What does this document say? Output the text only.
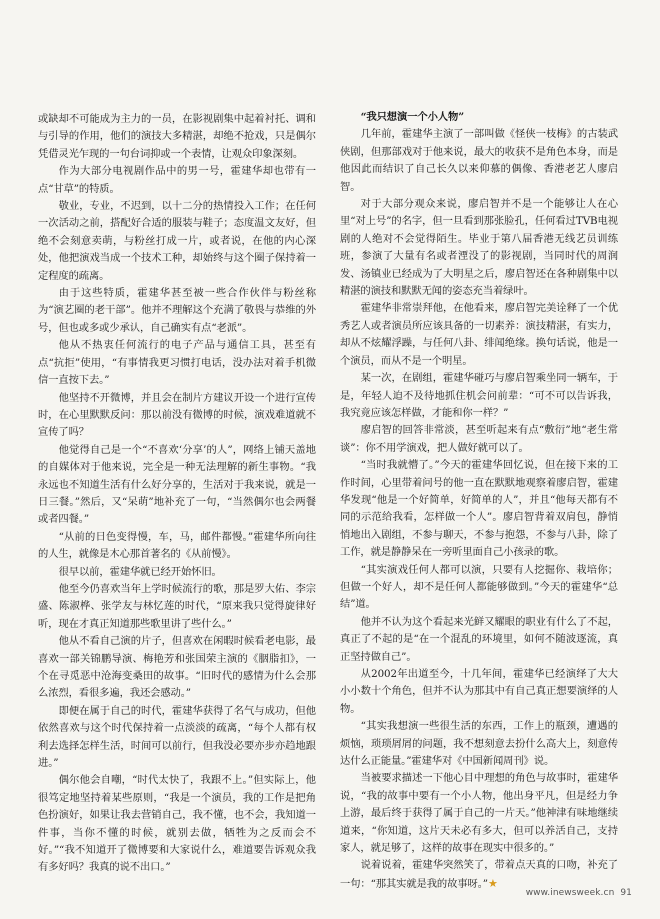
或缺却不可能成为主力的一员，在影视剧集中起着衬托、调和与引导的作用，他们的演技大多精湛，却绝不抢戏，只是偶尔凭借灵光乍现的一句台词抑或一个表情，让观众印象深刻。

作为大部分电视剧作品中的男一号，霍建华却也带有一点“甘草”的特质。

敬业，专业，不迟到，以十二分的热情投入工作；在任何一次活动之前，搭配好合适的服装与鞋子；态度温文友好，但绝不会刻意卖萌，与粉丝打成一片，或者说，在他的内心深处，他把演戏当成一个技术工种，却始终与这个圈子保持着一定程度的疏离。

由于这些特质，霍建华甚至被一些合作伙伴与粉丝称为“演艺圈的老干部”。他并不理解这个充满了敬畏与恭维的外号，但也或多或少承认，自己确实有点“老派”。

他从不热衷任何流行的电子产品与通信工具，甚至有点“抗拒”使用，“有事情我更习惯打电话，没办法对着手机微信一直按下去。”

他坚持不开微博，并且会在制片方建议开设一个进行宣传时，在心里默默反问：那以前没有微博的时候，演戏难道就不宣传了吗？

他觉得自己是一个“不喜欢‘分享’的人”，网络上铺天盖地的自媒体对于他来说，完全是一种无法理解的新生事物。“我永远也不知道生活有什么好分享的，生活对于我来说，就是一日三餐。”然后，又“呆萌”地补充了一句，“当然偶尔也会两餐或者四餐。”

“从前的日色变得慢，车，马，邮件都慢。”霍建华所向往的人生，就像是木心那首著名的《从前慢》。

很早以前，霍建华就已经开始怀旧。

他至今仍喜欢当年上学时候流行的歌，那是罗大佑、李宗盛、陈淑桦、张学友与林忆莲的时代，“原来我只觉得旋律好听，现在才真正知道那些歌里讲了些什么。”

他从不看自己演的片子，但喜欢在闲暇时候看老电影，最喜欢一部关锦鹏导演、梅艳芳和张国荣主演的《胭脂扣》，一个在寻觅恶中沧海变桑田的故事。“旧时代的感情为什么会那么浓烈，看很多遍，我还会感动。”

即便在属于自己的时代，霍建华获得了名气与成功，但他依然喜欢与这个时代保持着一点淡淡的疏离，“每个人都有权利去选择怎样生活，时间可以前行，但我没必要亦步亦趋地跟进。”

偶尔他会自嘲，“时代太快了，我跟不上。”但实际上，他很笃定地坚持着某些原则，“我是一个演员，我的工作是把角色扮演好，如果让我去营销自己，我不懂，也不会，我知道一件事，当你不懂的时候，就别去做，牺牲为之反而会不好。”“我不知道开了微博要和大家说什么，难道要告诉观众我有多好吗？我真的说不出口。”

“我只想演一个小人物”

几年前，霍建华主演了一部叫做《怪侠一枝梅》的古装武侠剧，但那部戏对于他来说，最大的收获不是角色本身，而是他因此而结识了自己长久以来仰慕的偶像、香港老艺人廖启智。

对于大部分观众来说，廖启智并不是一个能够让人在心里“对上号”的名字，但一旦看到那张脸孔，任何看过TVB电视剧的人绝对不会觉得陌生。毕业于第八届香港无线艺员训练班，参演了大量有名或者湮没了的影视剧，当同时代的周润发、汤镇业已经成为了大明星之后，廖启智还在各种剧集中以精湛的演技和默默无闻的姿态充当着绿叶。

霍建华非常崇拜他，在他看来，廖启智完美诠释了一个优秀艺人或者演员所应该具备的一切素养：演技精湛，有实力，却从不炫耀浮躁，与任何八卦、绯闻绝缘。换句话说，他是一个演员，而从不是一个明星。

某一次，在剧组，霍建华碰巧与廖启智乘坐同一辆车，于是，年轻人迫不及待地抓住机会问前辈：“可不可以告诉我，我究竟应该怎样做，才能和你一样？”

廖启智的回答非常淡，甚至听起来有点“敷衍”地“老生常谈”：你不用学演戏，把人做好就可以了。

“当时我就懵了。”今天的霍建华回忆说，但在接下来的工作时间，心里带着问号的他一直在默默地观察着廖启智，霍建华发现“他是一个好简单，好简单的人”，并且“他每天都有不同的示范给我看，怎样做一个人”。廖启智背着双肩包，静悄悄地出入剧组，不参与聊天，不参与抱怨，不参与八卦，除了工作，就是静静呆在一旁听里面自己小孩录的歌。

“其实演戏任何人都可以演，只要有人挖掘你、栽培你；但做一个好人，却不是任何人都能够做到。”今天的霍建华“总结”道。

他并不认为这个看起来光鲜又耀眼的职业有什么了不起，真正了不起的是“在一个混乱的环境里，如何不随波逐流，真正坚持做自己”。

从2002年出道至今，十几年间，霍建华已经演绎了大大小小数十个角色，但并不认为那其中有自己真正想要演绎的人物。

“其实我想演一些很生活的东西，工作上的瓶颈，遭遇的烦恼，琐琐屑屑的问题，我不想刻意去扮什么高大上，刻意传达什么正能量。”霍建华对《中国新闻周刊》说。

当被要求描述一下他心目中理想的角色与故事时，霍建华说，“我的故事中要有一个小人物，他出身平凡，但是经力争上游，最后终于获得了属于自己的一片天。”他神津有味地继续道来，“你知道，这片天未必有多大，但可以养活自己，支持家人，就足够了，这样的故事在现实中很多的。”

说着说着，霍建华突然笑了，带着点天真的口吻，补充了一句：“那其实就是我的故事呀。”★

www.inewsweek.cn 91
